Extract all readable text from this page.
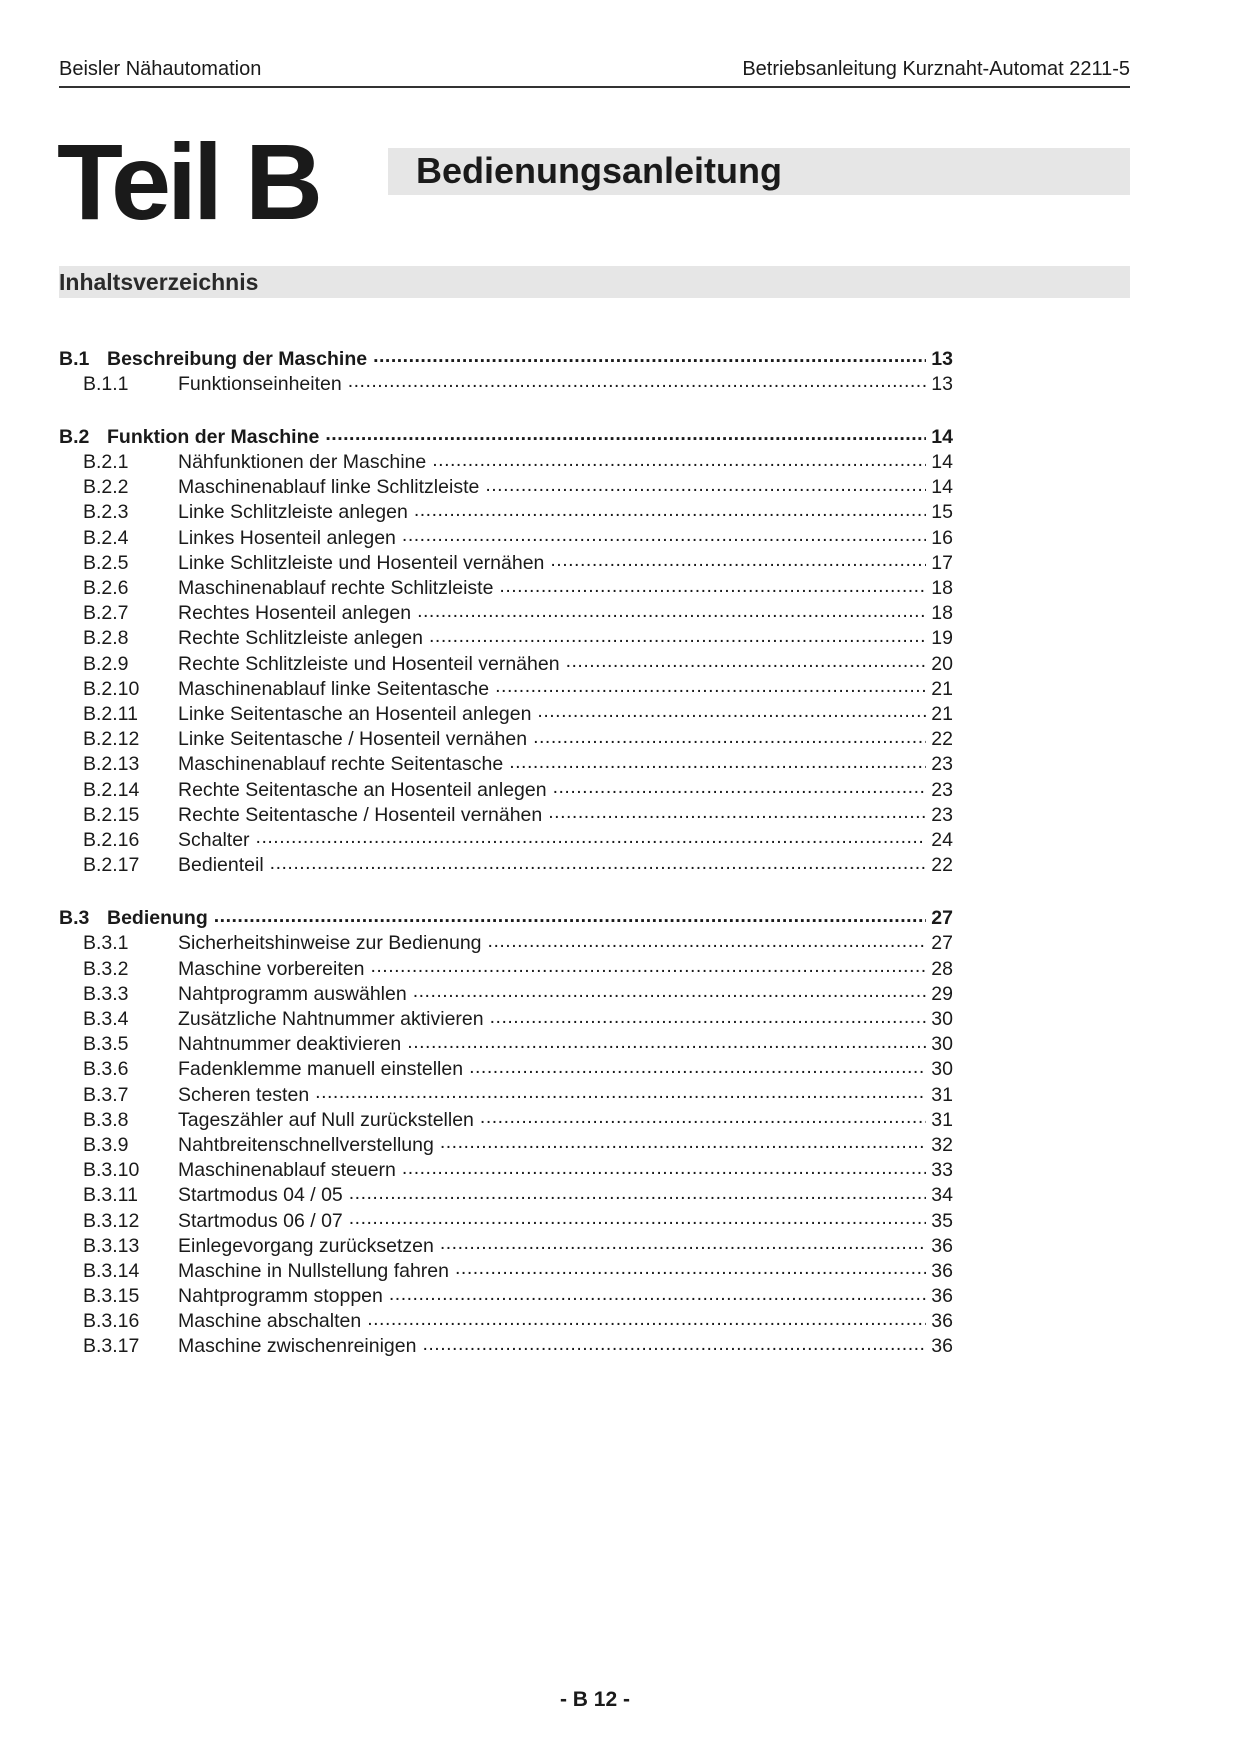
Beisler Nähautomation	Betriebsanleitung Kurznaht-Automat 2211-5
Teil B	Bedienungsanleitung
Inhaltsverzeichnis
B.1 Beschreibung der Maschine .....	13
B.1.1	Funktionseinheiten .....	13
B.2 Funktion der Maschine .....	14
B.2.1	Nähfunktionen der Maschine .....	14
B.2.2	Maschinenablauf linke Schlitzleiste .....	14
B.2.3	Linke Schlitzleiste anlegen .....	15
B.2.4	Linkes Hosenteil anlegen .....	16
B.2.5	Linke Schlitzleiste und Hosenteil vernähen .....	17
B.2.6	Maschinenablauf rechte Schlitzleiste .....	18
B.2.7	Rechtes Hosenteil anlegen .....	18
B.2.8	Rechte Schlitzleiste anlegen .....	19
B.2.9	Rechte Schlitzleiste und Hosenteil vernähen .....	20
B.2.10	Maschinenablauf linke Seitentasche .....	21
B.2.11	Linke Seitentasche an Hosenteil anlegen .....	21
B.2.12	Linke Seitentasche / Hosenteil vernähen .....	22
B.2.13	Maschinenablauf rechte Seitentasche .....	23
B.2.14	Rechte Seitentasche an Hosenteil anlegen .....	23
B.2.15	Rechte Seitentasche / Hosenteil vernähen .....	23
B.2.16	Schalter .....	24
B.2.17	Bedienteil .....	22
B.3 Bedienung .....	27
B.3.1	Sicherheitshinweise zur Bedienung .....	27
B.3.2	Maschine vorbereiten .....	28
B.3.3	Nahtprogramm auswählen .....	29
B.3.4	Zusätzliche Nahtnummer aktivieren .....	30
B.3.5	Nahtnummer deaktivieren .....	30
B.3.6	Fadenklemme manuell einstellen .....	30
B.3.7	Scheren testen .....	31
B.3.8	Tageszähler auf Null zurückstellen .....	31
B.3.9	Nahtbreitenschnellverstellung .....	32
B.3.10	Maschinenablauf steuern .....	33
B.3.11	Startmodus 04 / 05 .....	34
B.3.12	Startmodus 06 / 07 .....	35
B.3.13	Einlegevorgang zurücksetzen .....	36
B.3.14	Maschine in Nullstellung fahren .....	36
B.3.15	Nahtprogramm stoppen .....	36
B.3.16	Maschine abschalten .....	36
B.3.17	Maschine zwischenreinigen .....	36
- B 12 -
